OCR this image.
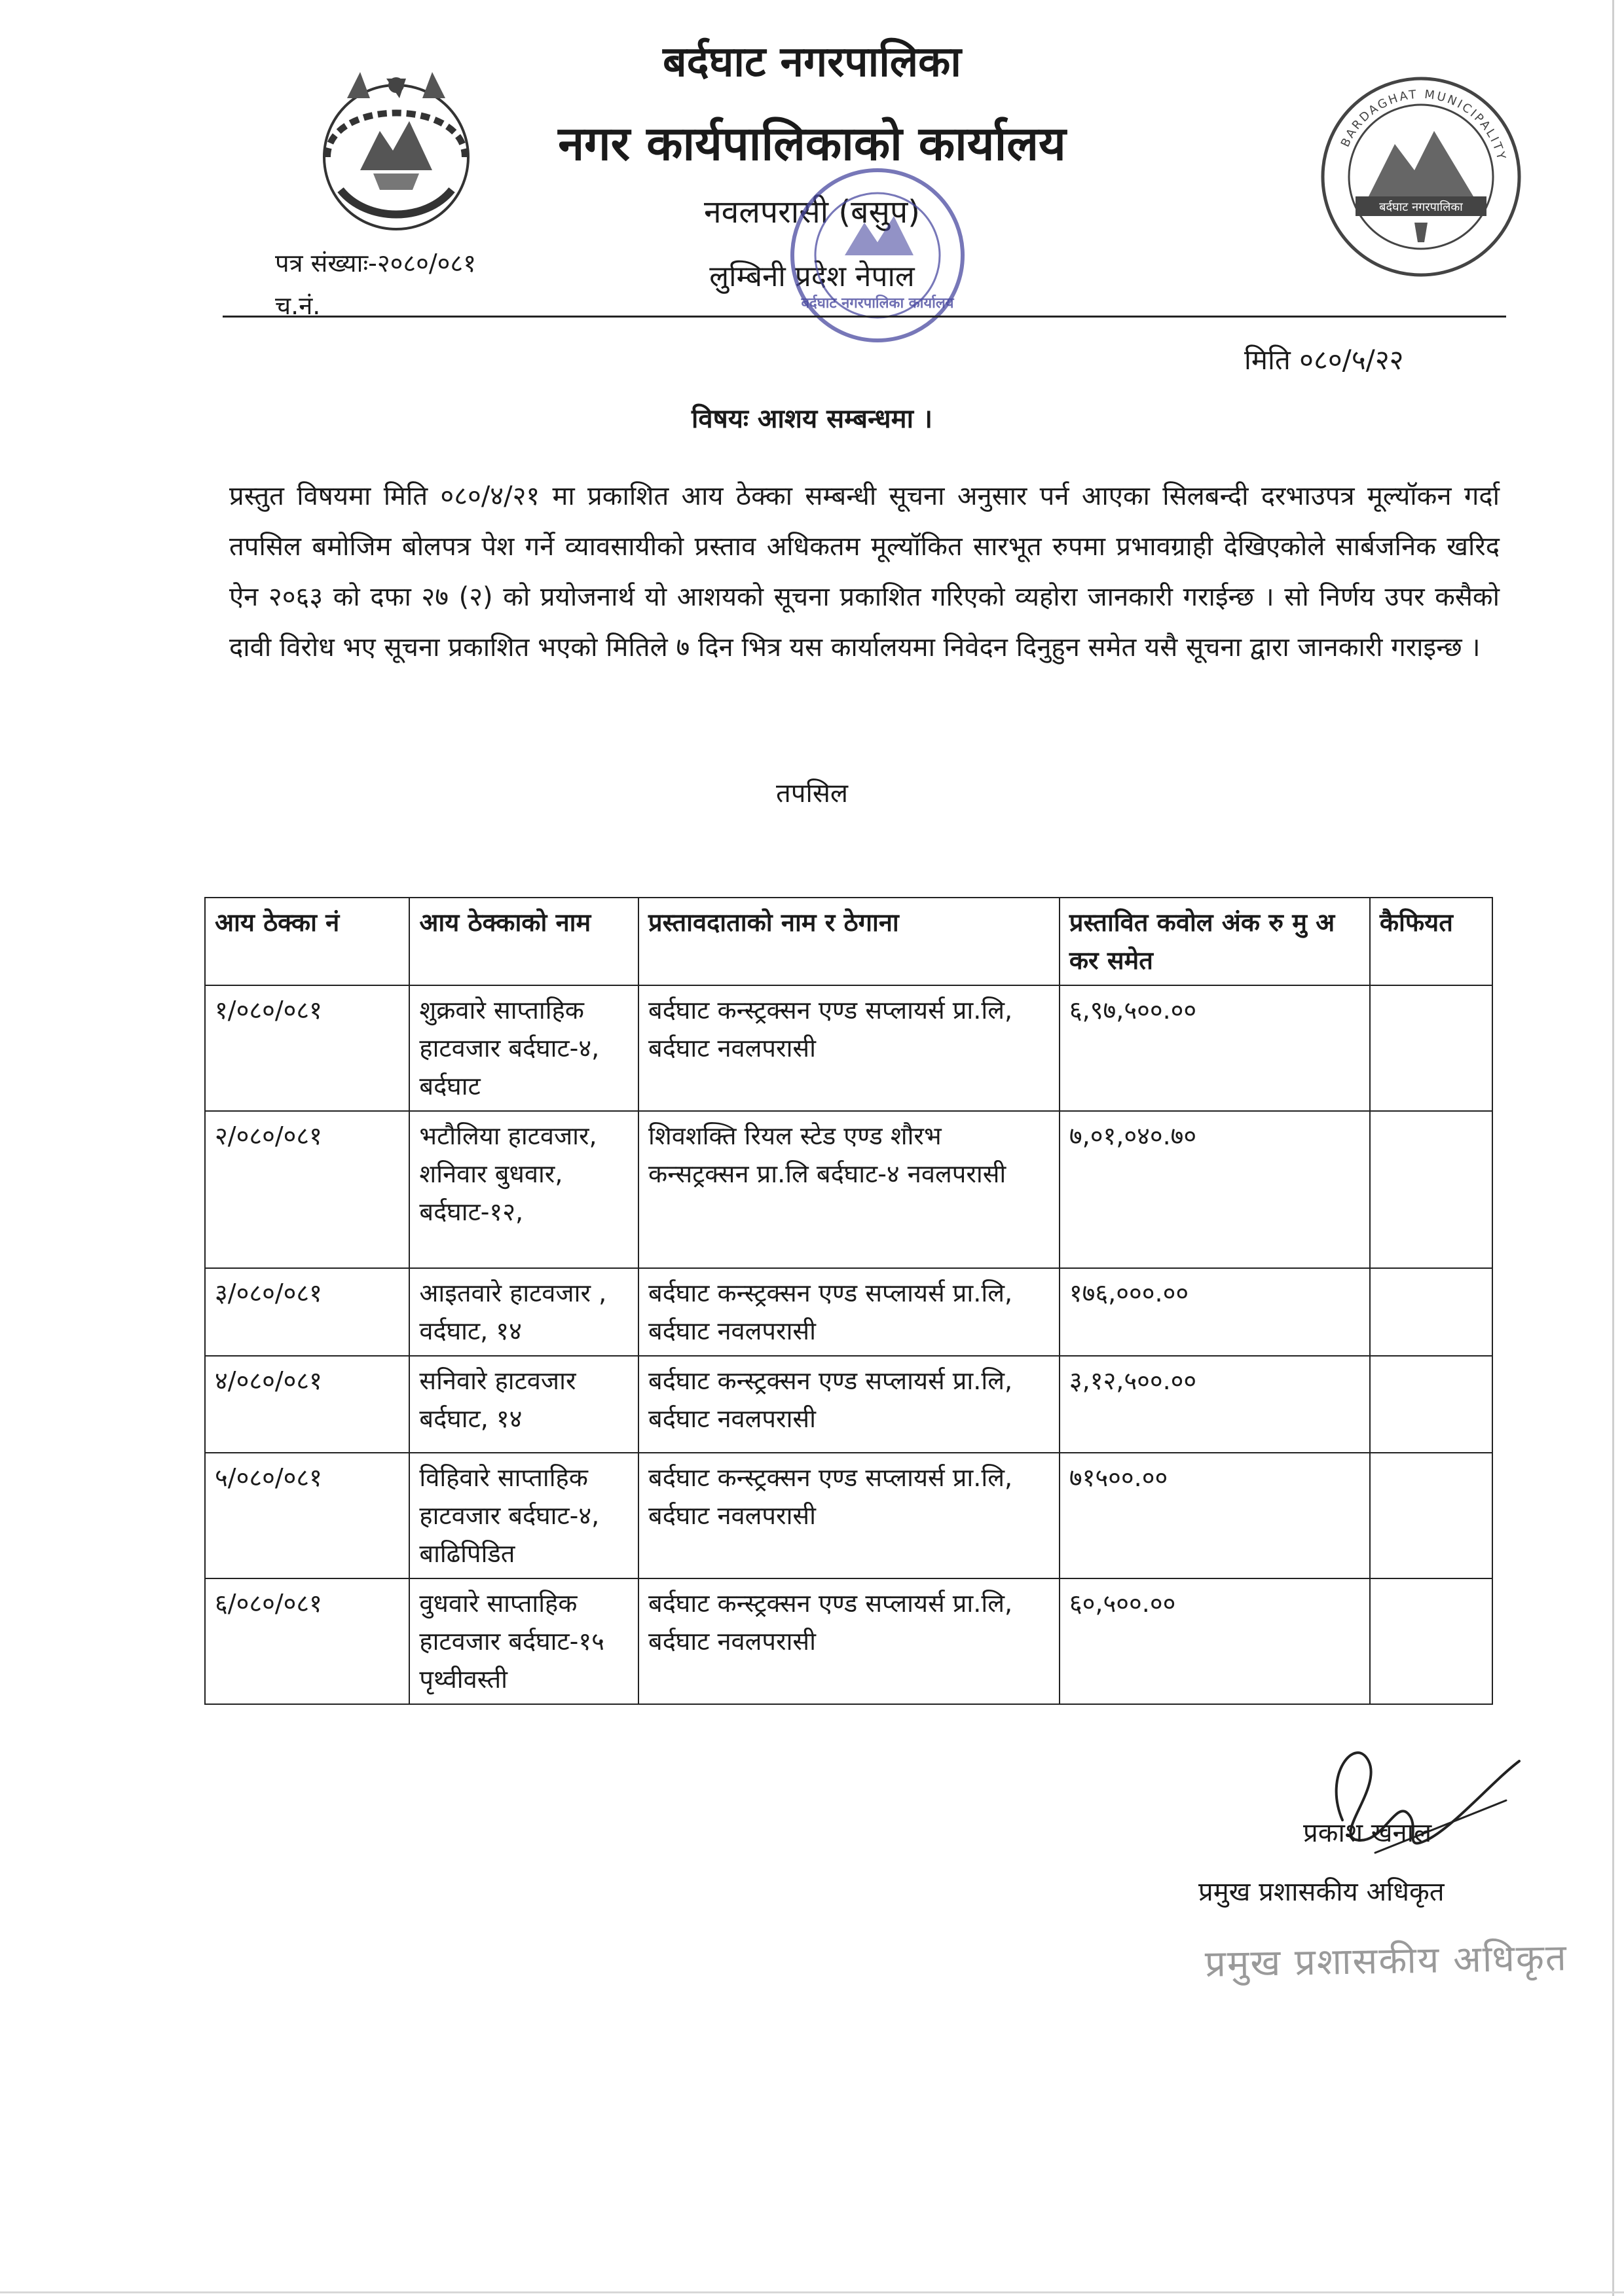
BARDAGHAT MUNICIPALITY
बर्दघाट नगरपालिका
बर्दघाट नगरपालिका
नगर कार्यपालिकाको कार्यालय
नवलपरासी (बसुप)
लुम्बिनी प्रदेश नेपाल
बर्दघाट नगरपालिका कार्यालय
पत्र संख्याः-२०८०/०८१
च.नं.
मिति ०८०/५/२२
विषयः आशय सम्बन्धमा ।
प्रस्तुत विषयमा मिति ०८०/४/२१ मा प्रकाशित आय ठेक्का सम्बन्धी सूचना अनुसार पर्न आएका सिलबन्दी दरभाउपत्र मूल्यॉकन गर्दा तपसिल बमोजिम बोलपत्र पेश गर्ने व्यावसायीको प्रस्ताव अधिकतम मूल्यॉकित सारभूत रुपमा प्रभावग्राही देखिएकोले सार्बजनिक खरिद ऐन २०६३ को दफा २७ (२) को प्रयोजनार्थ यो आशयको सूचना प्रकाशित गरिएको व्यहोरा जानकारी गराईन्छ । सो निर्णय उपर कसैको दावी विरोध भए सूचना प्रकाशित भएको मितिले ७ दिन भित्र यस कार्यालयमा निवेदन दिनुहुन समेत यसै सूचना द्वारा जानकारी गराइन्छ ।
तपसिल
आय ठेक्का नं	आय ठेक्काको नाम	प्रस्तावदाताको नाम र ठेगाना	प्रस्तावित कवोल अंक रु मु अ कर समेत	कैफियत
१/०८०/०८१	शुक्रवारे साप्ताहिक हाटवजार बर्दघाट-४, बर्दघाट	बर्दघाट कन्स्ट्रक्सन एण्ड सप्लायर्स प्रा.लि, बर्दघाट नवलपरासी	६,९७,५००.००	
२/०८०/०८१	भटौलिया हाटवजार, शनिवार बुधवार, बर्दघाट-१२,	शिवशक्ति रियल स्टेड एण्ड शौरभ कन्सट्रक्सन प्रा.लि बर्दघाट-४ नवलपरासी	७,०१,०४०.७०	
३/०८०/०८१	आइतवारे हाटवजार , वर्दघाट, १४	बर्दघाट कन्स्ट्रक्सन एण्ड सप्लायर्स प्रा.लि, बर्दघाट नवलपरासी	१७६,०००.००	
४/०८०/०८१	सनिवारे हाटवजार बर्दघाट, १४	बर्दघाट कन्स्ट्रक्सन एण्ड सप्लायर्स प्रा.लि, बर्दघाट नवलपरासी	३,१२,५००.००	
५/०८०/०८१	विहिवारे साप्ताहिक हाटवजार बर्दघाट-४, बाढिपिडित	बर्दघाट कन्स्ट्रक्सन एण्ड सप्लायर्स प्रा.लि, बर्दघाट नवलपरासी	७१५००.००	
६/०८०/०८१	वुधवारे साप्ताहिक हाटवजार बर्दघाट-१५ पृथ्वीवस्ती	बर्दघाट कन्स्ट्रक्सन एण्ड सप्लायर्स प्रा.लि, बर्दघाट नवलपरासी	६०,५००.००	
प्रकाश खनाल
प्रमुख प्रशासकीय अधिकृत
प्रमुख प्रशासकीय अधिकृत
